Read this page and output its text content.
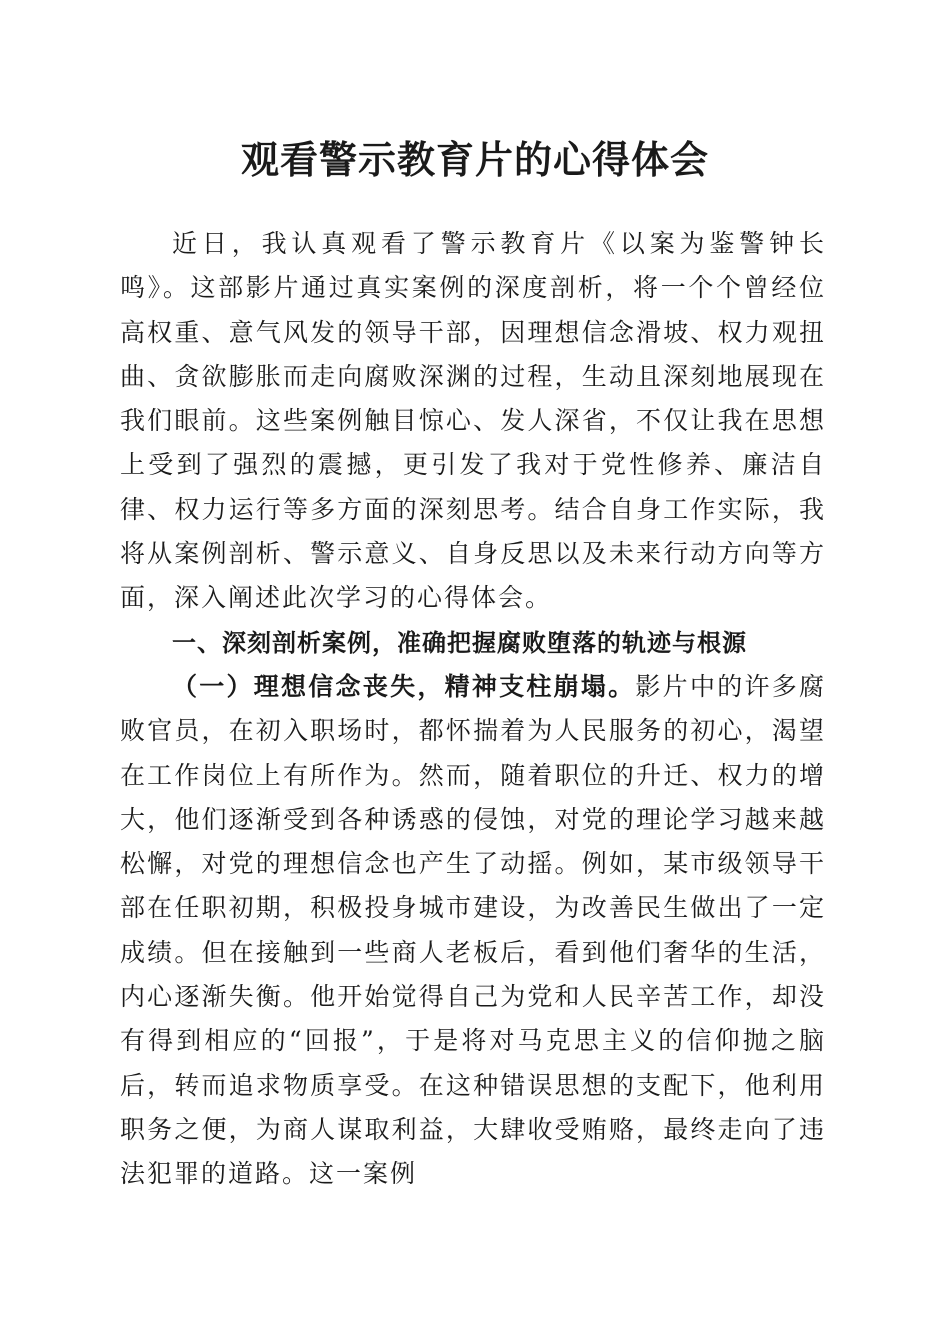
观看警示教育片的心得体会

近日，我认真观看了警示教育片《以案为鉴警钟长鸣》。这部影片通过真实案例的深度剖析，将一个个曾经位高权重、意气风发的领导干部，因理想信念滑坡、权力观扭曲、贪欲膨胀而走向腐败深渊的过程，生动且深刻地展现在我们眼前。这些案例触目惊心、发人深省，不仅让我在思想上受到了强烈的震撼，更引发了我对于党性修养、廉洁自律、权力运行等多方面的深刻思考。结合自身工作实际，我将从案例剖析、警示意义、自身反思以及未来行动方向等方面，深入阐述此次学习的心得体会。

一、深刻剖析案例，准确把握腐败堕落的轨迹与根源

（一）理想信念丧失，精神支柱崩塌。影片中的许多腐败官员，在初入职场时，都怀揣着为人民服务的初心，渴望在工作岗位上有所作为。然而，随着职位的升迁、权力的增大，他们逐渐受到各种诱惑的侵蚀，对党的理论学习越来越松懈，对党的理想信念也产生了动摇。例如，某市级领导干部在任职初期，积极投身城市建设，为改善民生做出了一定成绩。但在接触到一些商人老板后，看到他们奢华的生活，内心逐渐失衡。他开始觉得自己为党和人民辛苦工作，却没有得到相应的“回报”，于是将对马克思主义的信仰抛之脑后，转而追求物质享受。在这种错误思想的支配下，他利用职务之便，为商人谋取利益，大肆收受贿赂，最终走向了违法犯罪的道路。这一案例
